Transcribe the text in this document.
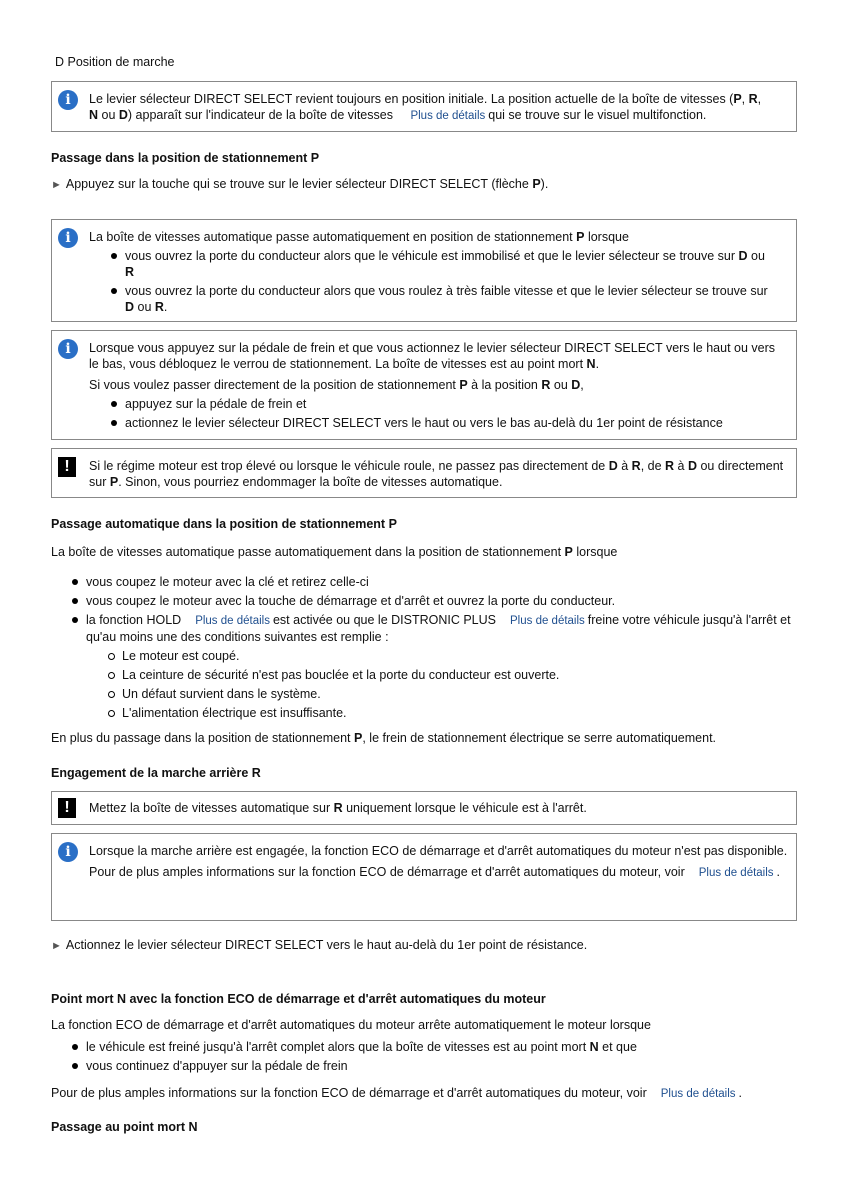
D Position de marche
i	Le levier sélecteur DIRECT SELECT revient toujours en position initiale. La position actuelle de la boîte de vitesses (P, R,
N ou D) apparaît sur l'indicateur de la boîte de vitesses Plus de détails qui se trouve sur le visuel multifonction.
Passage dans la position de stationnement P
► Appuyez sur la touche qui se trouve sur le levier sélecteur DIRECT SELECT (flèche P).
i	La boîte de vitesses automatique passe automatiquement en position de stationnement P lorsque

vous ouvrez la porte du conducteur alors que le véhicule est immobilisé et que le levier sélecteur se trouve sur D ou
R
vous ouvrez la porte du conducteur alors que vous roulez à très faible vitesse et que le levier sélecteur se trouve sur
D ou R.
i	Lorsque vous appuyez sur la pédale de frein et que vous actionnez le levier sélecteur DIRECT SELECT vers le haut ou vers le bas, vous débloquez le verrou de stationnement. La boîte de vitesses est au point mort N.

Si vous voulez passer directement de la position de stationnement P à la position R ou D,

appuyez sur la pédale de frein et
actionnez le levier sélecteur DIRECT SELECT vers le haut ou vers le bas au-delà du 1er point de résistance
!	Si le régime moteur est trop élevé ou lorsque le véhicule roule, ne passez pas directement de D à R, de R à D ou directement sur P. Sinon, vous pourriez endommager la boîte de vitesses automatique.
Passage automatique dans la position de stationnement P
La boîte de vitesses automatique passe automatiquement dans la position de stationnement P lorsque
vous coupez le moteur avec la clé et retirez celle-ci
vous coupez le moteur avec la touche de démarrage et d'arrêt et ouvrez la porte du conducteur.
la fonction HOLD Plus de détails est activée ou que le DISTRONIC PLUS Plus de détails freine votre véhicule jusqu'à l'arrêt et qu'au moins une des conditions suivantes est remplie :
Le moteur est coupé.
La ceinture de sécurité n'est pas bouclée et la porte du conducteur est ouverte.
Un défaut survient dans le système.
L'alimentation électrique est insuffisante.
En plus du passage dans la position de stationnement P, le frein de stationnement électrique se serre automatiquement.
Engagement de la marche arrière R
!	Mettez la boîte de vitesses automatique sur R uniquement lorsque le véhicule est à l'arrêt.
i	Lorsque la marche arrière est engagée, la fonction ECO de démarrage et d'arrêt automatiques du moteur n'est pas disponible.

Pour de plus amples informations sur la fonction ECO de démarrage et d'arrêt automatiques du moteur, voir Plus de détails .

► Actionnez le levier sélecteur DIRECT SELECT vers le haut au-delà du 1er point de résistance.
Point mort N avec la fonction ECO de démarrage et d'arrêt automatiques du moteur
La fonction ECO de démarrage et d'arrêt automatiques du moteur arrête automatiquement le moteur lorsque
le véhicule est freiné jusqu'à l'arrêt complet alors que la boîte de vitesses est au point mort N et que
vous continuez d'appuyer sur la pédale de frein
Pour de plus amples informations sur la fonction ECO de démarrage et d'arrêt automatiques du moteur, voir Plus de détails .
Passage au point mort N
